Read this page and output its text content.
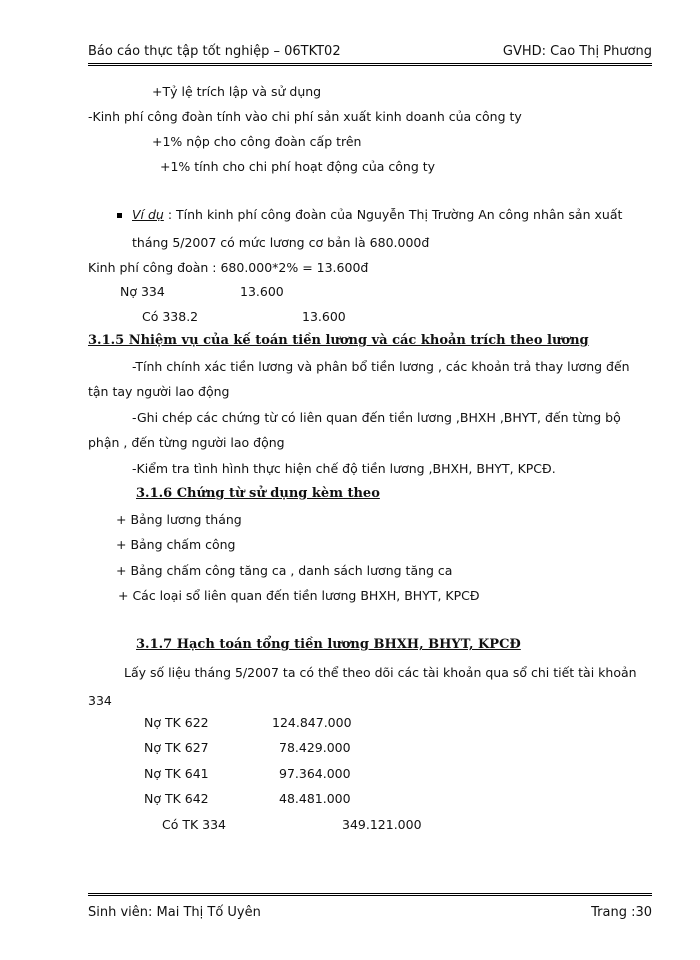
Báo cáo thực tập tốt nghiệp – 06TKT02	GVHD: Cao Thị Phương
+Tỷ lệ trích lập và sử dụng
-Kinh phí công đoàn tính vào chi phí sản xuất kinh doanh của công ty
+1% nộp cho công đoàn cấp trên
+1% tính cho chi phí hoạt động của công ty
Ví dụ : Tính kinh phí công đoàn của Nguyễn Thị Trường An công nhân sản xuất
tháng 5/2007 có mức lương cơ bản là 680.000đ
Kinh phí công đoàn : 680.000*2% = 13.600đ
Nợ 334	13.600
Có 338.2	13.600
3.1.5 Nhiệm vụ của kế toán tiền lương và các khoản trích theo lương
-Tính chính xác tiền lương và phân bổ tiền lương , các khoản trả thay lương đến
tận tay người lao động
-Ghi chép các chứng từ có liên quan đến tiền lương ,BHXH ,BHYT, đến từng bộ
phận , đến từng người lao động
-Kiểm tra tình hình thực hiện chế độ tiền lương ,BHXH, BHYT, KPCĐ.
3.1.6 Chứng từ sử dụng kèm theo
+ Bảng lương tháng
+ Bảng chấm công
+ Bảng chấm công tăng ca , danh sách lương tăng ca
+ Các loại sổ liên quan đến tiền lương BHXH, BHYT, KPCĐ
3.1.7 Hạch toán tổng tiền lương BHXH, BHYT, KPCĐ
Lấy số liệu tháng 5/2007 ta có thể theo dõi các tài khoản qua sổ chi tiết tài khoản
334
Nợ TK 622	124.847.000
Nợ TK 627	78.429.000
Nợ TK 641	97.364.000
Nợ TK 642	48.481.000
Có TK 334	349.121.000
Sinh viên: Mai Thị Tố Uyên	Trang :30
